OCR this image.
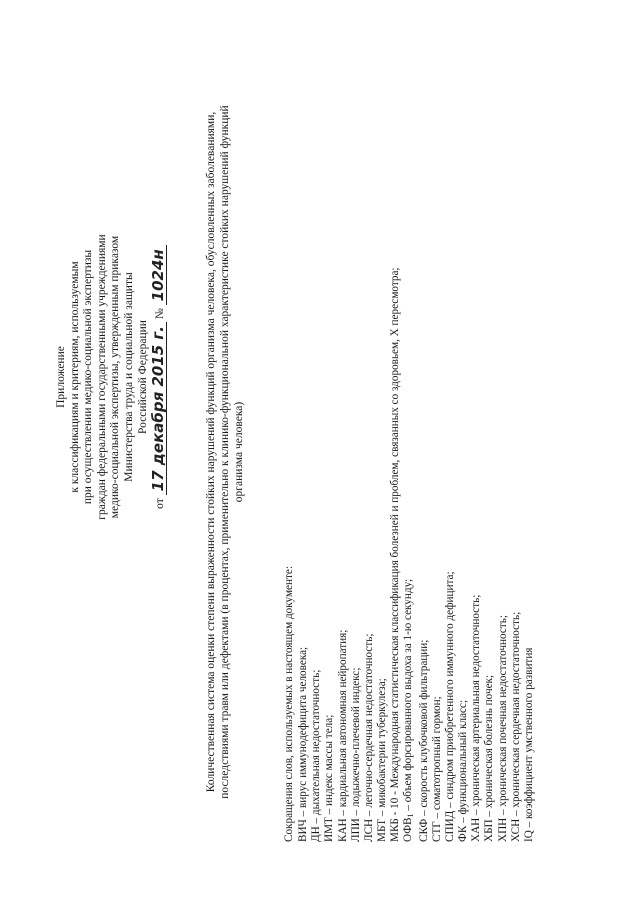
Приложение к классификациям и критериям, используемым при осуществлении медико-социальной экспертизы граждан федеральными государственными учреждениями медико-социальной экспертизы, утвержденным приказом Министерства труда и социальной защиты Российской Федерации
от 17 декабря 2015 г. № 1024н	Количественная система оценки степени выраженности стойких нарушений функций организма человека, обусловленных заболеваниями, последствиями травм или дефектами (в процентах, применительно к клинико-функциональной характеристике стойких нарушений функций организма человека)
Сокращения слов, используемых в настоящем документе: ВИЧ – вирус иммунодефицита человека; ДН – дыхательная недостаточность; ИМТ – индекс массы тела; КАН – кардиальная автономная нейропатия; ЛПИ – лодыжечно-плечевой индекс; ЛСН – легочно-сердечная недостаточность; МБТ – микобактерии туберкулеза; МКБ - 10 - Международная статистическая классификация болезней и проблем, связанных со здоровьем, X пересмотра; $ОФВ_1$ – объем форсированного выдоха за 1-ю секунду; СКФ – скорость клубочковой фильтрации; СТГ – соматотропный гормон; СПИД – синдром приобретенного иммунного дефицита; ФК – функциональный класс; ХАН – хроническая артериальная недостаточность; ХБП – хроническая болезнь почек; ХПН – хроническая почечная недостаточность; ХСН – хроническая сердечная недостаточность; IQ – коэффициент умственного развития
